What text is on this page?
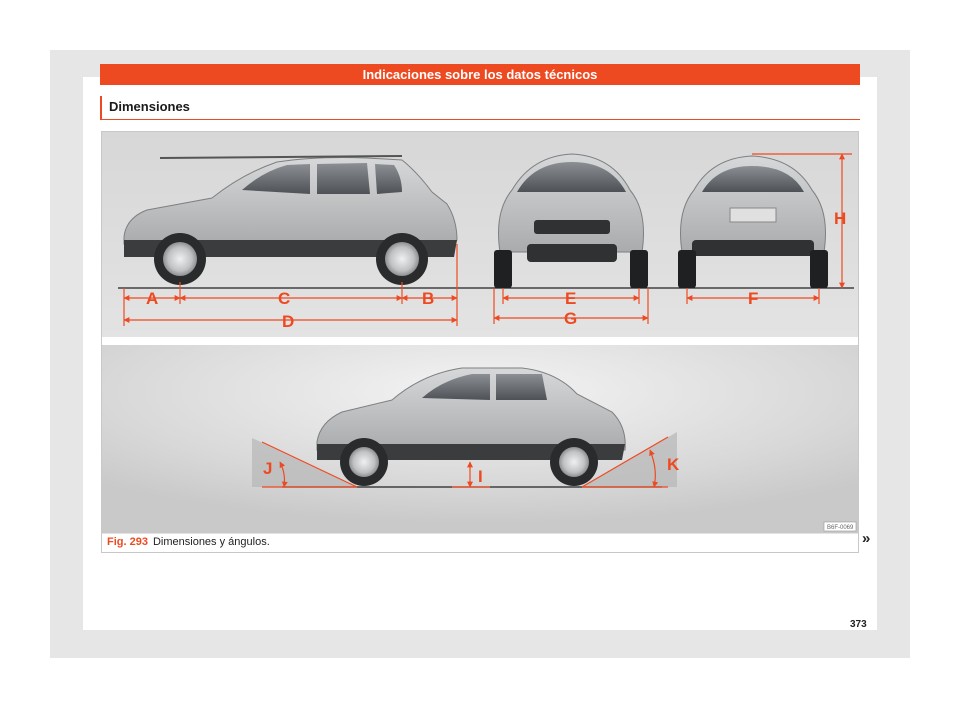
Indicaciones sobre los datos técnicos
Dimensiones
A	C	B
D
E
G
F
H
J	I
K
B6F-0069
Fig. 293 Dimensiones y ángulos.	»
373
